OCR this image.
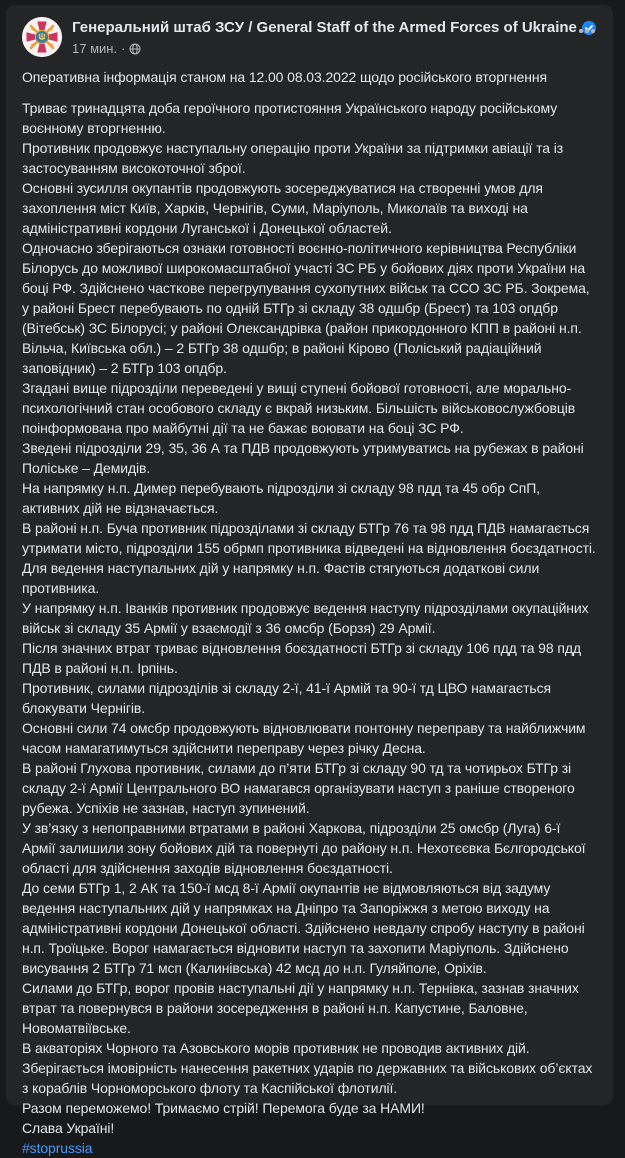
Генеральний штаб ЗСУ / General Staff of the Armed Forces of Ukraine
17 мин. ·
Оперативна інформація станом на 12.00 08.03.2022 щодо російського вторгнення
Триває тринадцята доба героїчного протистояння Українського народу російському воєнному вторгненню.
Противник продовжує наступальну операцію проти України за підтримки авіації та із застосуванням високоточної зброї.
Основні зусилля окупантів продовжують зосереджуватися на створенні умов для захоплення міст Київ, Харків, Чернігів, Суми, Маріуполь, Миколаїв та виході на адміністративні кордони Луганської і Донецької областей.
Одночасно зберігаються ознаки готовності воєнно-політичного керівництва Республіки Білорусь до можливої широкомасштабної участі ЗС РБ у бойових діях проти України на боці РФ. Здійснено часткове перегрупування сухопутних військ та ССО ЗС РБ. Зокрема, у районі Брест перебувають по одній БТГр зі складу 38 одшбр (Брест) та 103 опдбр (Вітебськ) ЗС Білорусі; у районі Олександрівка (район прикордонного КПП в районі н.п. Вільча, Київська обл.) – 2 БТГр 38 одшбр; в районі Кірово (Поліський радіаційний заповідник) – 2 БТГр 103 опдбр.
Згадані вище підрозділи переведені у вищі ступені бойової готовності, але морально-психологічний стан особового складу є вкрай низьким. Більшість військовослужбовців поінформована про майбутні дії та не бажає воювати на боці ЗС РФ.
Зведені підрозділи 29, 35, 36 А та ПДВ продовжують утримуватись на рубежах в районі Поліське – Демидів.
На напрямку н.п. Димер перебувають підрозділи зі складу 98 пдд та 45 обр СпП, активних дій не відзначається.
В районі н.п. Буча противник підрозділами зі складу БТГр 76 та 98 пдд ПДВ намагається утримати місто, підрозділи 155 обрмп противника відведені на відновлення боєздатності.
Для ведення наступальних дій у напрямку н.п. Фастів стягуються додаткові сили противника.
У напрямку н.п. Іванків противник продовжує ведення наступу підрозділами окупаційних військ зі складу 35 Армії у взаємодії з 36 омсбр (Борзя) 29 Армії.
Після значних втрат триває відновлення боєздатності БТГр зі складу 106 пдд та 98 пдд ПДВ в районі н.п. Ірпінь.
Противник, силами підрозділів зі складу 2-ї, 41-ї Армій та 90-ї тд ЦВО намагається блокувати Чернігів.
Основні сили 74 омсбр продовжують відновлювати понтонну переправу та найближчим часом намагатимуться здійснити переправу через річку Десна.
В районі Глухова противник, силами до п’яти БТГр зі складу 90 тд та чотирьох БТГр зі складу 2-ї Армії Центрального ВО намагався організувати наступ з раніше створеного рубежа. Успіхів не зазнав, наступ зупинений.
У зв’язку з непоправними втратами в районі Харкова, підрозділи 25 омсбр (Луга) 6-ї Армії залишили зону бойових дій та повернуті до району н.п. Нехотєєвка Бєлгородської області для здійснення заходів відновлення боєздатності.
До семи БТГр 1, 2 АК та 150-ї мсд 8-ї Армії окупантів не відмовляються від задуму ведення наступальних дій у напрямках на Дніпро та Запоріжжя з метою виходу на адміністративні кордони Донецької області. Здійснено невдалу спробу наступу в районі н.п. Троїцьке. Ворог намагається відновити наступ та захопити Маріуполь. Здійснено висування 2 БТГр 71 мсп (Калинівська) 42 мсд до н.п. Гуляйполе, Оріхів.
Силами до БТГр, ворог провів наступальні дії у напрямку н.п. Тернівка, зазнав значних втрат та повернувся в райони зосередження в районі н.п. Капустине, Баловне, Новоматвіївське.
В акваторіях Чорного та Азовського морів противник не проводив активних дій. Зберігається імовірність нанесення ракетних ударів по державних та військових об’єктах з кораблів Чорноморського флоту та Каспійської флотилії.
Разом переможемо! Тримаємо стрій! Перемога буде за НАМИ!
Слава Україні!
#stoprussia
